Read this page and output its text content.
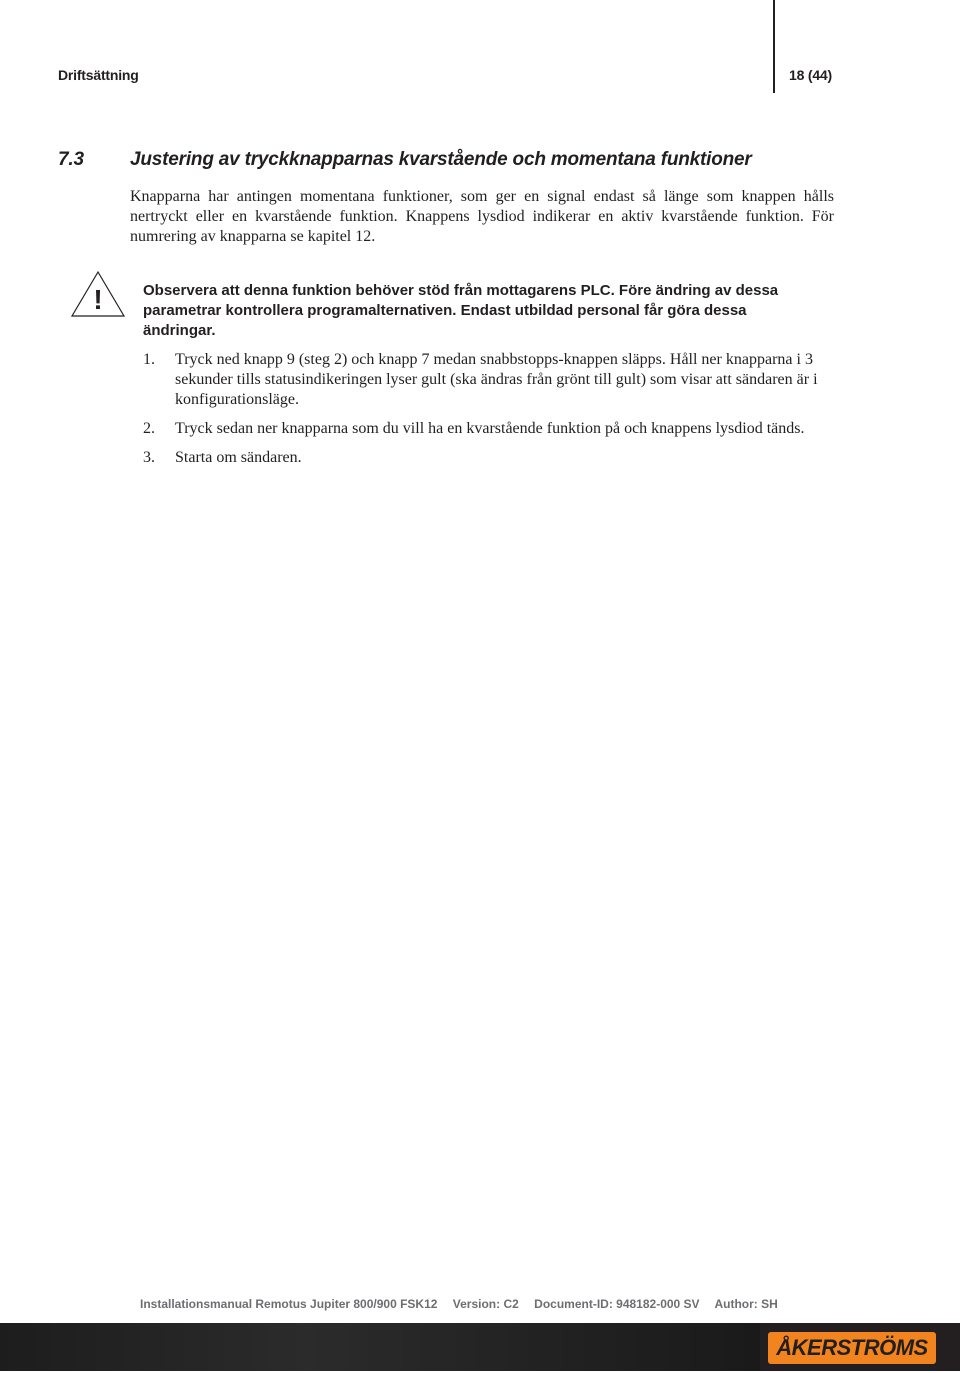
Driftsättning	18 (44)
7.3 Justering av tryckknapparnas kvarstående och momentana funktioner

Knapparna har antingen momentana funktioner, som ger en signal endast så länge som knappen hålls nertryckt eller en kvarstående funktion. Knappens lysdiod indikerar en aktiv kvarstående funktion. För numrering av knapparna se kapitel 12.

!	Observera att denna funktion behöver stöd från mottagarens PLC. Före ändring av dessa parametrar kontrollera programalternativen. Endast utbildad personal får göra dessa ändringar.

1. Tryck ned knapp 9 (steg 2) och knapp 7 medan snabbstopps-knappen släpps. Håll ner knapparna i 3 sekunder tills statusindikeringen lyser gult (ska ändras från grönt till gult) som visar att sändaren är i konfigurationsläge.
2. Tryck sedan ner knapparna som du vill ha en kvarstående funktion på och knappens lysdiod tänds.
3. Starta om sändaren.
Installationsmanual Remotus Jupiter 800/900 FSK12 Version: C2 Document-ID: 948182-000 SV Author: SH
ÅKERSTRÖMS
